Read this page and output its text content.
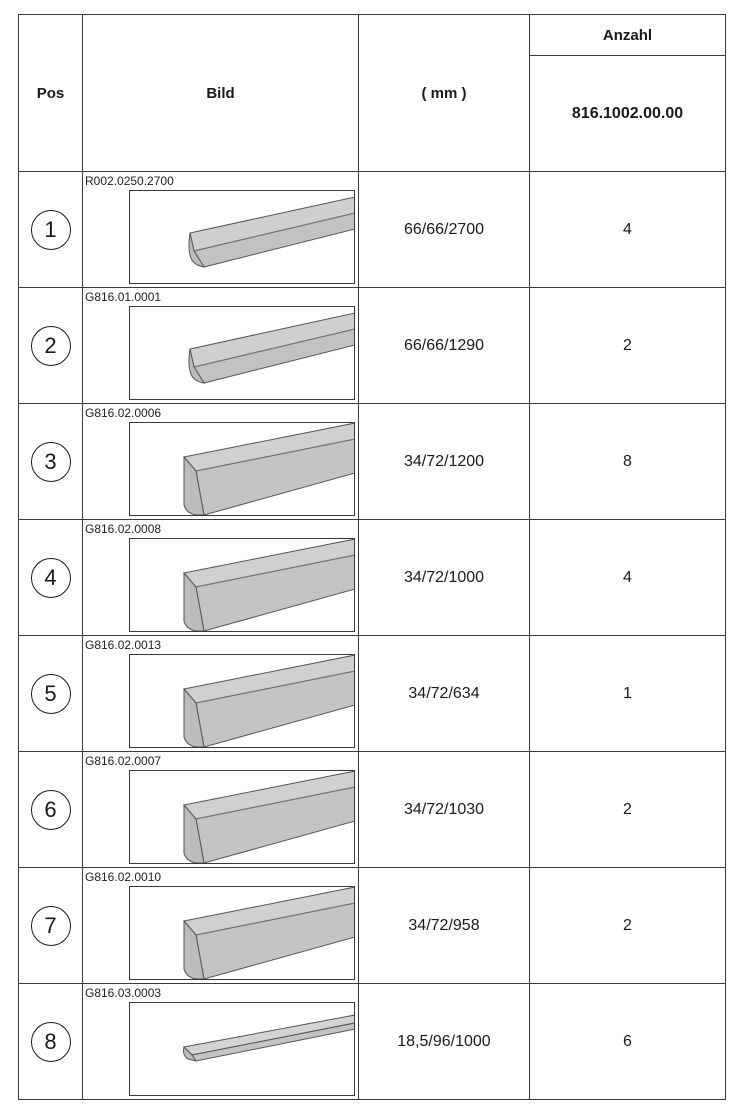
Pos	Bild	( mm )	Anzahl
			816.1002.00.00
1	R002.0250.2700	66/66/2700	4
2	G816.01.0001	66/66/1290	2
3	G816.02.0006	34/72/1200	8
4	G816.02.0008	34/72/1000	4
5	G816.02.0013	34/72/634	1
6	G816.02.0007	34/72/1030	2
7	G816.02.0010	34/72/958	2
8	G816.03.0003	18,5/96/1000	6
